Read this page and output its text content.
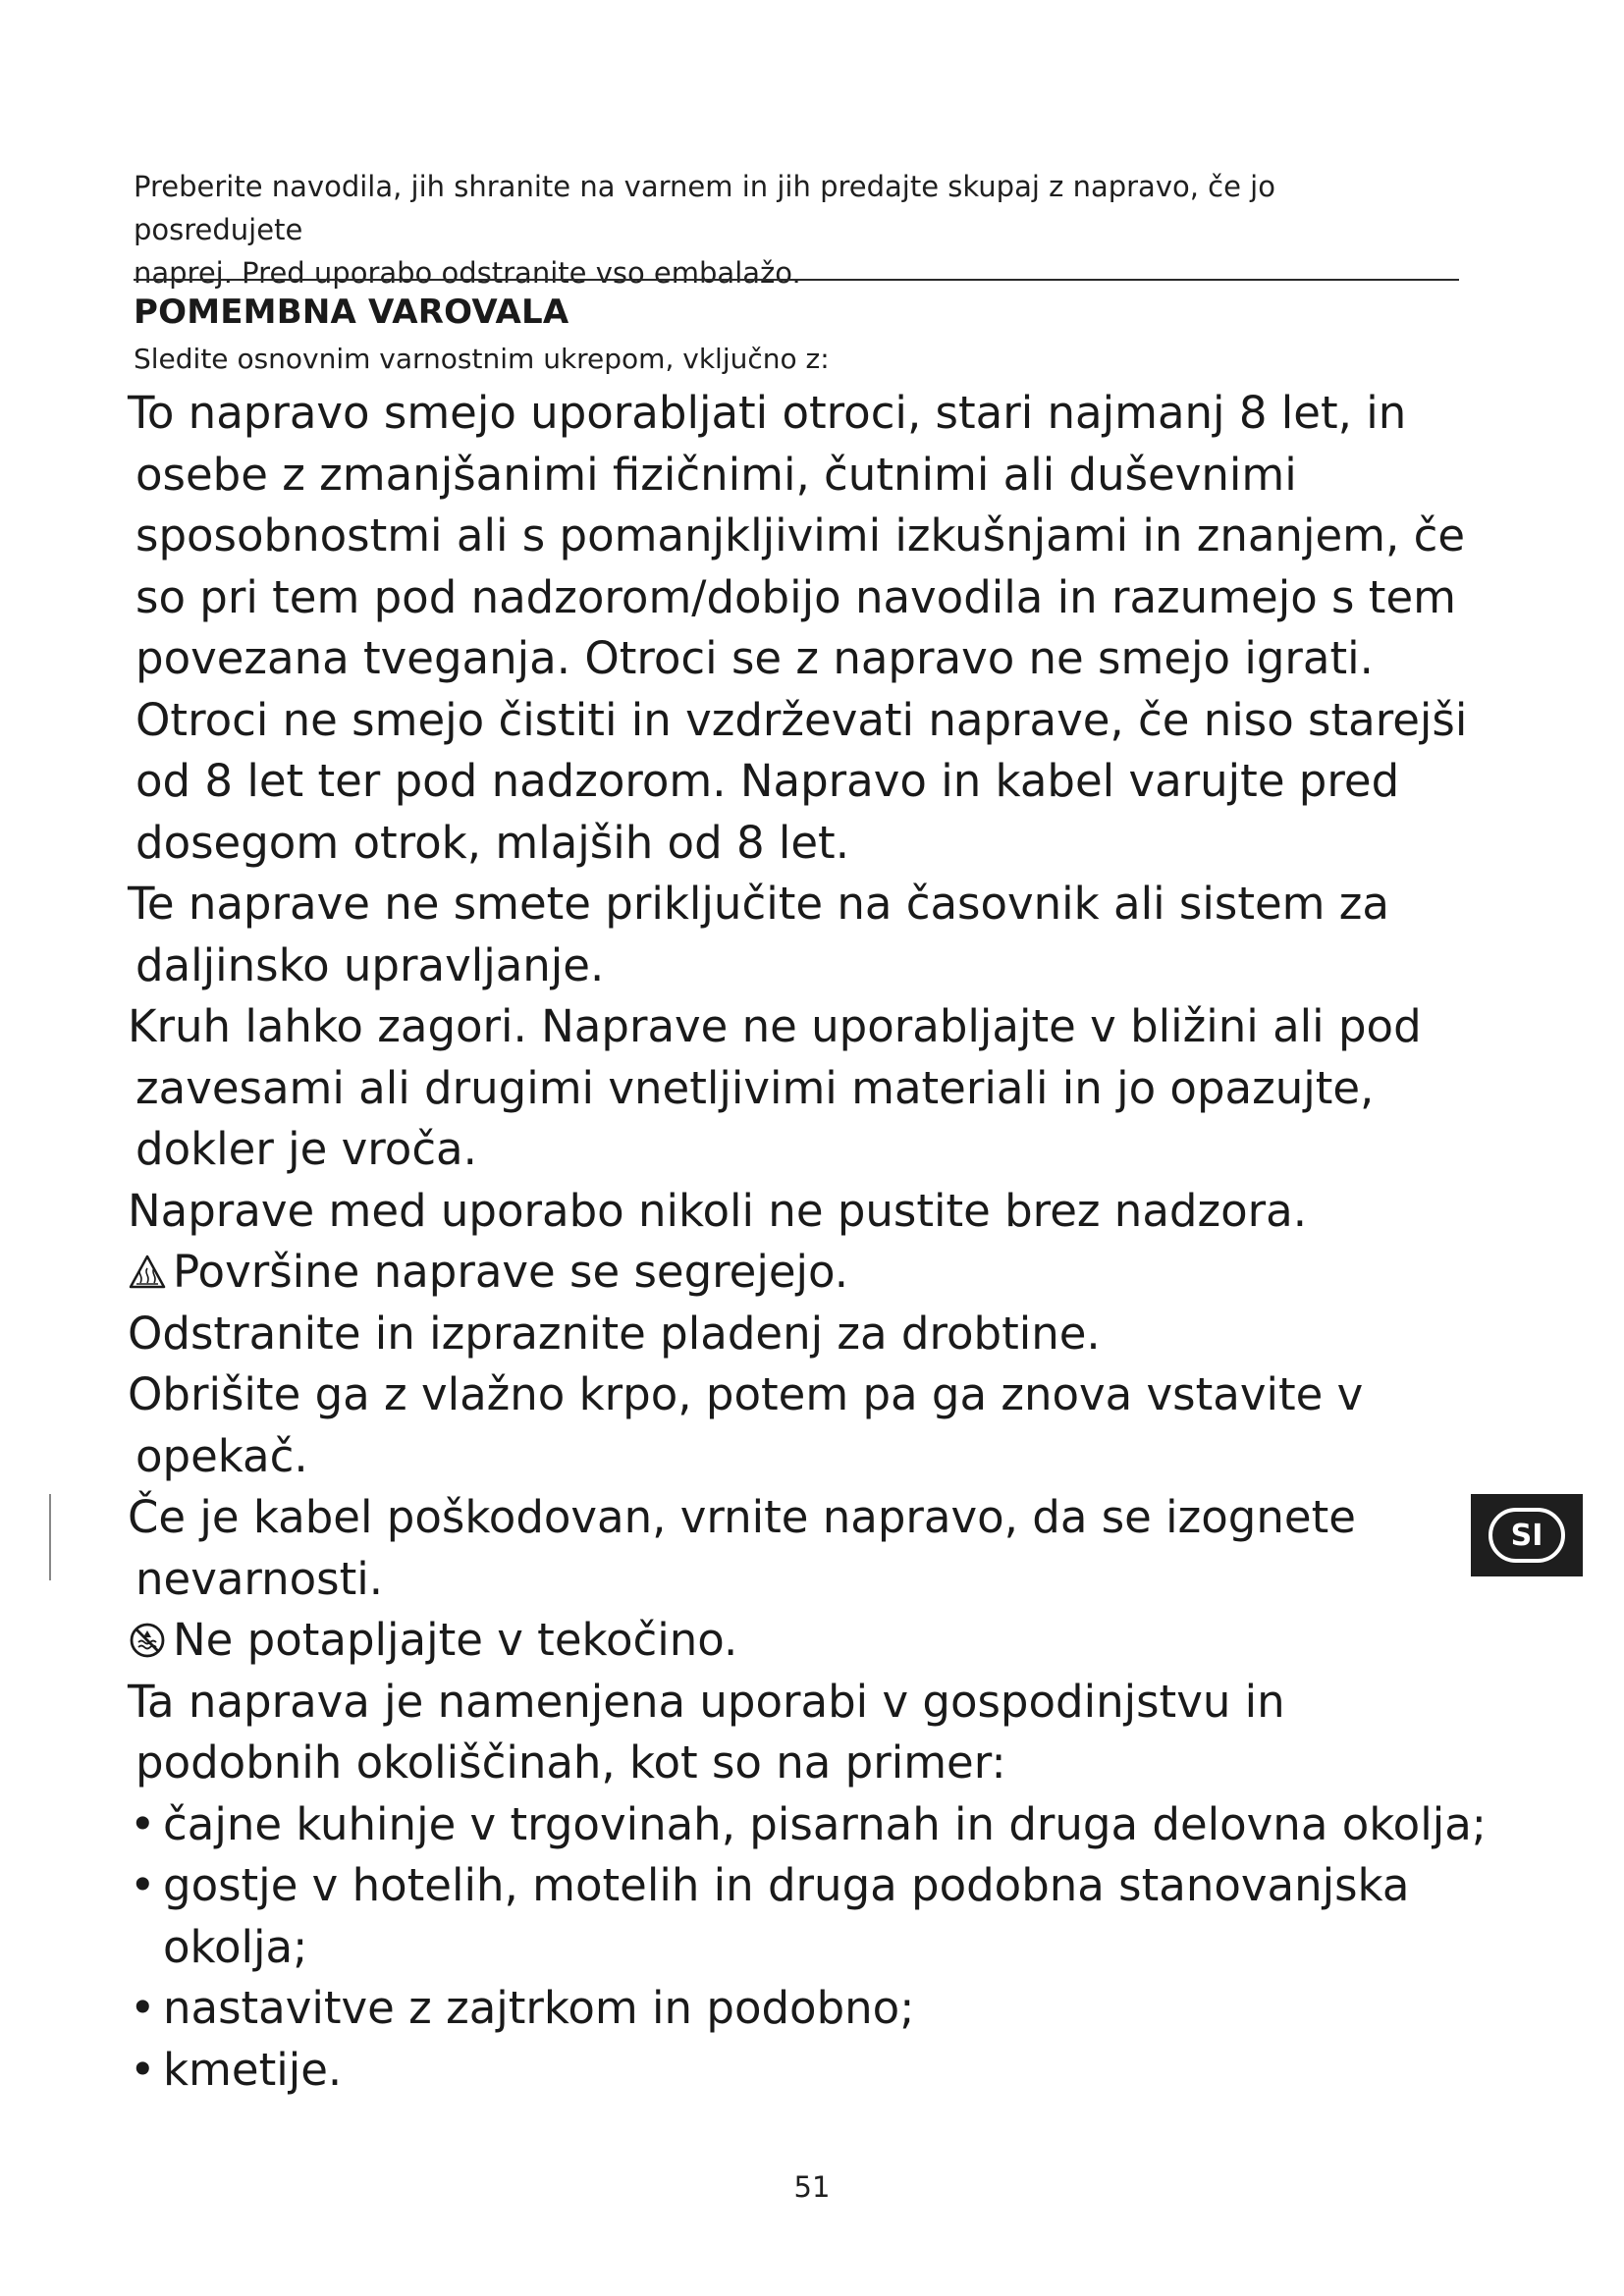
Preberite navodila, jih shranite na varnem in jih predajte skupaj z napravo, če jo posredujete
naprej. Pred uporabo odstranite vso embalažo.
POMEMBNA VAROVALA
Sledite osnovnim varnostnim ukrepom, vključno z:

To napravo smejo uporabljati otroci, stari najmanj 8 let, in osebe z zmanjšanimi fizičnimi, čutnimi ali duševnimi sposobnostmi ali s pomanjkljivimi izkušnjami in znanjem, če so pri tem pod nadzorom/dobijo navodila in razumejo s tem povezana tveganja. Otroci se z napravo ne smejo igrati. Otroci ne smejo čistiti in vzdrževati naprave, če niso starejši od 8 let ter pod nadzorom. Napravo in kabel varujte pred dosegom otrok, mlajših od 8 let.

Te naprave ne smete priključite na časovnik ali sistem za daljinsko upravljanje.

Kruh lahko zagori. Naprave ne uporabljajte v bližini ali pod zavesami ali drugimi vnetljivimi materiali in jo opazujte, dokler je vroča.

Naprave med uporabo nikoli ne pustite brez nadzora.

Površine naprave se segrejejo.

Odstranite in izpraznite pladenj za drobtine.

Obrišite ga z vlažno krpo, potem pa ga znova vstavite v opekač.

Če je kabel poškodovan, vrnite napravo, da se izognete nevarnosti.

Ne potapljajte v tekočino.

Ta naprava je namenjena uporabi v gospodinjstvu in podobnih okoliščinah, kot so na primer:

• čajne kuhinje v trgovinah, pisarnah in druga delovna okolja;
• gostje v hotelih, motelih in druga podobna stanovanjska okolja;
• nastavitve z zajtrkom in podobno;
• kmetije.
SI
51
